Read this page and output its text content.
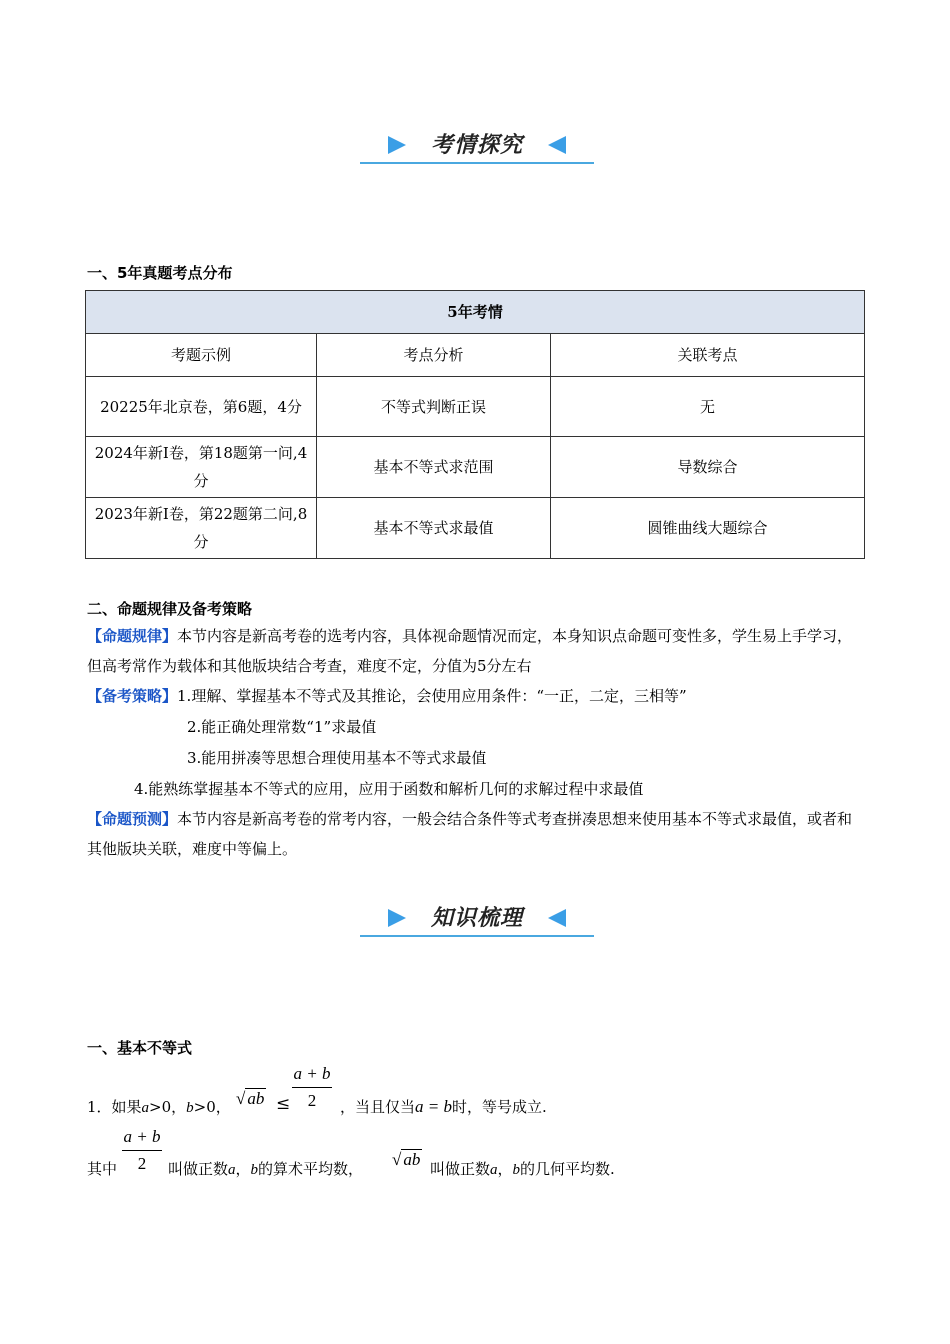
考情探究
一、5年真题考点分布
5年考情		
考题示例	考点分析	关联考点
20225年北京卷，第6题，4分	不等式判断正误	无
2024年新Ⅰ卷，第18题第一问,4分	基本不等式求范围	导数综合
2023年新Ⅰ卷，第22题第二问,8分	基本不等式求最值	圆锥曲线大题综合
二、命题规律及备考策略
【命题规律】本节内容是新高考卷的选考内容，具体视命题情况而定，本身知识点命题可变性多，学生易上手学习，但高考常作为载体和其他版块结合考查，难度不定，分值为5分左右
【备考策略】1.理解、掌握基本不等式及其推论，会使用应用条件：“一正，二定，三相等”
2.能正确处理常数“1”求最值
3.能用拼凑等思想合理使用基本不等式求最值
4.能熟练掌握基本不等式的应用，应用于函数和解析几何的求解过程中求最值
【命题预测】本节内容是新高考卷的常考内容，一般会结合条件等式考查拼凑思想来使用基本不等式求最值，或者和其他版块关联，难度中等偏上。
知识梳理
一、基本不等式
1．如果a>0，b>0， √ ab ≤
a + b
2	，当且仅当a = b时，等号成立.
其中
a + b
2	叫做正数a，b的算术平均数， √ ab 叫做正数a，b的几何平均数.
